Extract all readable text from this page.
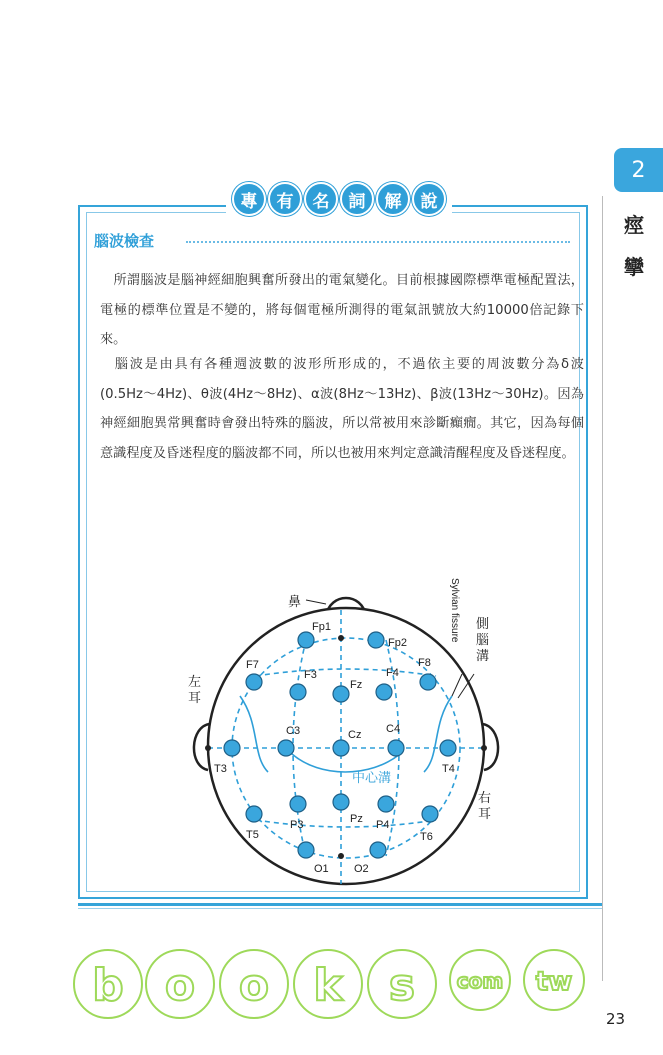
2
痙攣
專	有	名	詞	解	說
腦波檢查

 所謂腦波是腦神經細胞興奮所發出的電氣變化。目前根據國際標準電極配置法，電極的標準位置是不變的，將每個電極所測得的電氣訊號放大約10000倍記錄下來。

 腦波是由具有各種週波數的波形所形成的，不過依主要的周波數分為δ波(0.5Hz〜4Hz)、θ波(4Hz〜8Hz)、α波(8Hz〜13Hz)、β波(13Hz〜30Hz)。因為神經細胞異常興奮時會發出特殊的腦波，所以常被用來診斷癲癇。其它，因為每個意識程度及昏迷程度的腦波都不同，所以也被用來判定意識清醒程度及昏迷程度。

Fp1
Fp2
F7
F3
Fz
F4
F8
T3
C3	Cz C4
T4
T5
P3	Pz P4
T6
O1 O2
鼻
左
耳
右
耳
中心溝
側
腦
溝
Sylvian fissure
b o o k s com tw
23
